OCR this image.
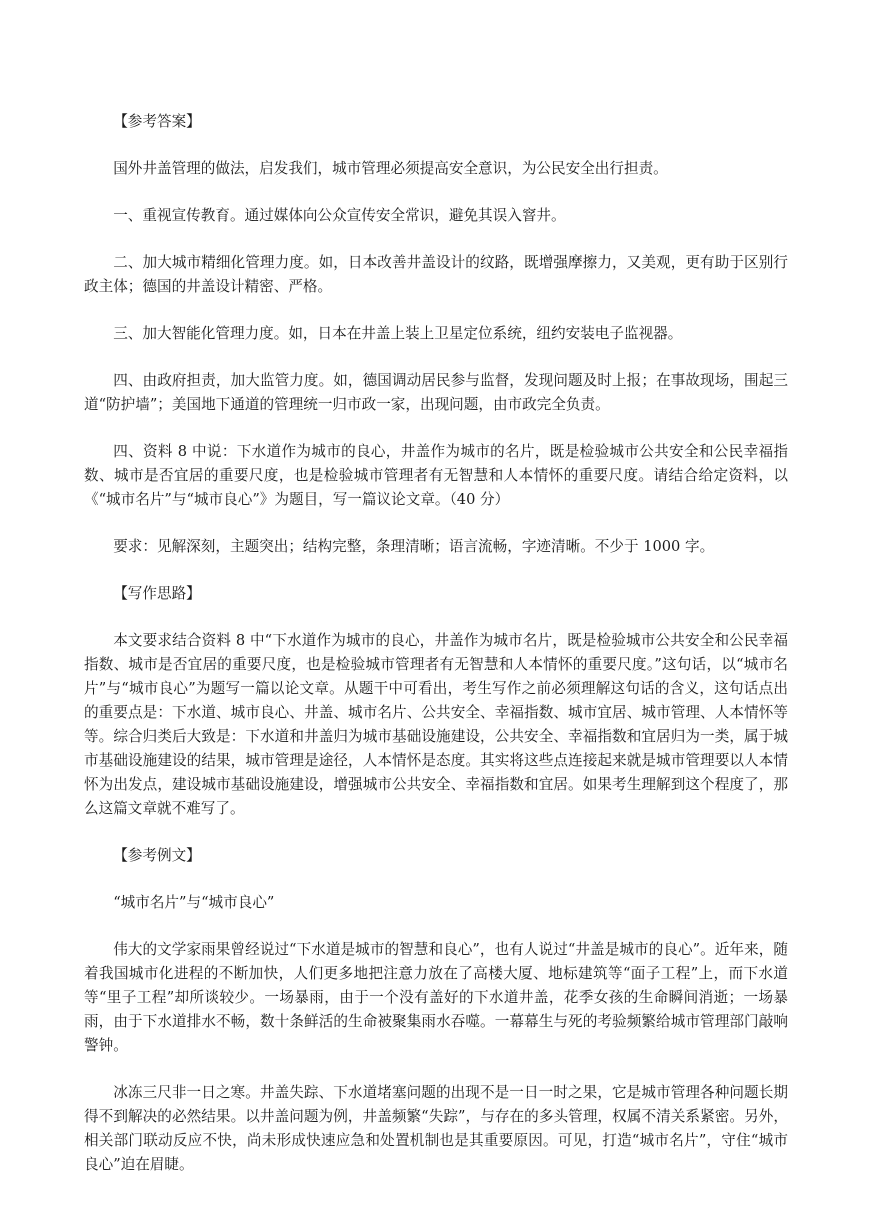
【参考答案】

国外井盖管理的做法，启发我们，城市管理必须提高安全意识，为公民安全出行担责。

一、重视宣传教育。通过媒体向公众宣传安全常识，避免其误入窨井。

二、加大城市精细化管理力度。如，日本改善井盖设计的纹路，既增强摩擦力，又美观，更有助于区别行政主体；德国的井盖设计精密、严格。

三、加大智能化管理力度。如，日本在井盖上装上卫星定位系统，纽约安装电子监视器。

四、由政府担责，加大监管力度。如，德国调动居民参与监督，发现问题及时上报；在事故现场，围起三道“防护墙”；美国地下通道的管理统一归市政一家，出现问题，由市政完全负责。

四、资料 8 中说：下水道作为城市的良心，井盖作为城市的名片，既是检验城市公共安全和公民幸福指数、城市是否宜居的重要尺度，也是检验城市管理者有无智慧和人本情怀的重要尺度。请结合给定资料，以《“城市名片”与“城市良心”》为题目，写一篇议论文章。（40 分）

要求：见解深刻，主题突出；结构完整，条理清晰；语言流畅，字迹清晰。不少于 1000 字。

【写作思路】

本文要求结合资料 8 中“下水道作为城市的良心，井盖作为城市名片，既是检验城市公共安全和公民幸福指数、城市是否宜居的重要尺度，也是检验城市管理者有无智慧和人本情怀的重要尺度。”这句话，以“城市名片”与“城市良心”为题写一篇以论文章。从题干中可看出，考生写作之前必须理解这句话的含义，这句话点出的重要点是：下水道、城市良心、井盖、城市名片、公共安全、幸福指数、城市宜居、城市管理、人本情怀等等。综合归类后大致是：下水道和井盖归为城市基础设施建设，公共安全、幸福指数和宜居归为一类，属于城市基础设施建设的结果，城市管理是途径，人本情怀是态度。其实将这些点连接起来就是城市管理要以人本情怀为出发点，建设城市基础设施建设，增强城市公共安全、幸福指数和宜居。如果考生理解到这个程度了，那么这篇文章就不难写了。

【参考例文】

“城市名片”与“城市良心”

伟大的文学家雨果曾经说过“下水道是城市的智慧和良心”，也有人说过“井盖是城市的良心”。近年来，随着我国城市化进程的不断加快，人们更多地把注意力放在了高楼大厦、地标建筑等“面子工程”上，而下水道等“里子工程”却所谈较少。一场暴雨，由于一个没有盖好的下水道井盖，花季女孩的生命瞬间消逝；一场暴雨，由于下水道排水不畅，数十条鲜活的生命被聚集雨水吞噬。一幕幕生与死的考验频繁给城市管理部门敲响警钟。

冰冻三尺非一日之寒。井盖失踪、下水道堵塞问题的出现不是一日一时之果，它是城市管理各种问题长期得不到解决的必然结果。以井盖问题为例，井盖频繁“失踪”，与存在的多头管理，权属不清关系紧密。另外，相关部门联动反应不快，尚未形成快速应急和处置机制也是其重要原因。可见，打造“城市名片”，守住“城市良心”迫在眉睫。
